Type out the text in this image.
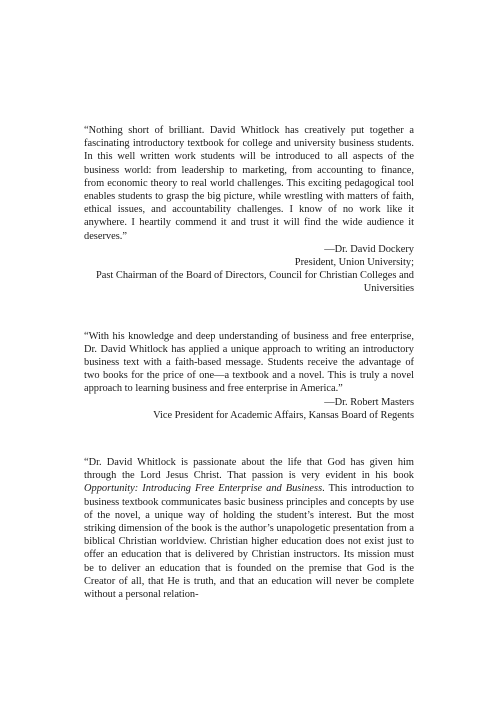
“Nothing short of brilliant. David Whitlock has creatively put together a fascinating introductory textbook for college and university business students. In this well written work students will be introduced to all aspects of the business world: from leadership to marketing, from accounting to finance, from economic theory to real world challenges. This exciting pedagogical tool enables students to grasp the big picture, while wrestling with matters of faith, ethical issues, and accountability challenges. I know of no work like it anywhere. I heartily commend it and trust it will find the wide audience it deserves.”

—Dr. David Dockery
President, Union University;
Past Chairman of the Board of Directors, Council for Christian Colleges and Universities

“With his knowledge and deep understanding of business and free enterprise, Dr. David Whitlock has applied a unique approach to writing an introductory business text with a faith-based message. Students receive the advantage of two books for the price of one—a textbook and a novel. This is truly a novel approach to learning business and free enterprise in America.”

—Dr. Robert Masters
Vice President for Academic Affairs, Kansas Board of Regents

“Dr. David Whitlock is passionate about the life that God has given him through the Lord Jesus Christ. That passion is very evident in his book Opportunity: Introducing Free Enterprise and Business. This introduction to business textbook communicates basic business principles and concepts by use of the novel, a unique way of holding the student’s interest. But the most striking dimension of the book is the author’s unapologetic presentation from a biblical Christian worldview. Christian higher education does not exist just to offer an education that is delivered by Christian instructors. Its mission must be to deliver an education that is founded on the premise that God is the Creator of all, that He is truth, and that an education will never be complete without a personal relation-
